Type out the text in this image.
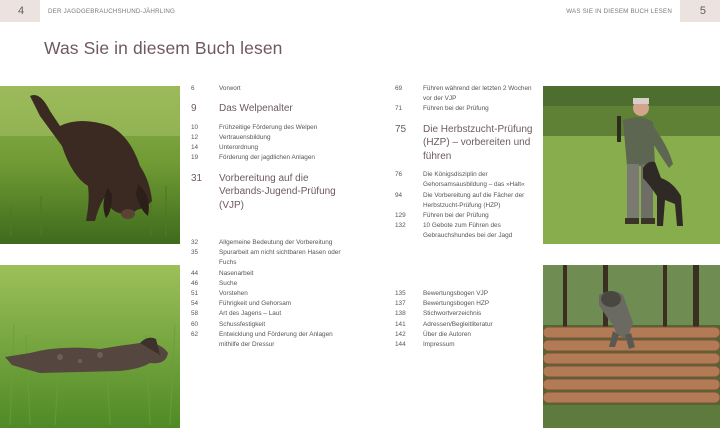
4	DER JAGDGEBRAUCHSHUND-JÄHRLING	WAS SIE IN DIESEM BUCH LESEN	5
Was Sie in diesem Buch lesen
6	Vorwort
9	Das Welpenalter
10	Frühzeitige Förderung des Welpen
12	Vertrauensbildung
14	Unterordnung
19	Förderung der jagdlichen Anlagen
31	Vorbereitung auf die Verbands-Jugend-Prüfung (VJP)
32	Allgemeine Bedeutung der Vorbereitung
35	Spurarbeit am nicht sichtbaren Hasen oder Fuchs
44	Nasenarbeit
46	Suche
51	Vorstehen
54	Führigkeit und Gehorsam
58	Art des Jagens – Laut
60	Schussfestigkeit
62	Entwicklung und Förderung der Anlagen mithilfe der Dressur
69	Führen während der letzten 2 Wochen vor der VJP
71	Führen bei der Prüfung
75	Die Herbstzucht-Prüfung (HZP) – vorbereiten und führen
76	Die Königsdisziplin der Gehorsamsausbildung – das »Halt«
94	Die Vorbereitung auf die Fächer der Herbstzucht-Prüfung (HZP)
129	Führen bei der Prüfung
132	10 Gebote zum Führen des Gebrauchshundes bei der Jagd
135	Bewertungsbogen VJP
137	Bewertungsbogen HZP
138	Stichwortverzeichnis
141	Adressen/Begleitliteratur
142	Über die Autoren
144	Impressum
